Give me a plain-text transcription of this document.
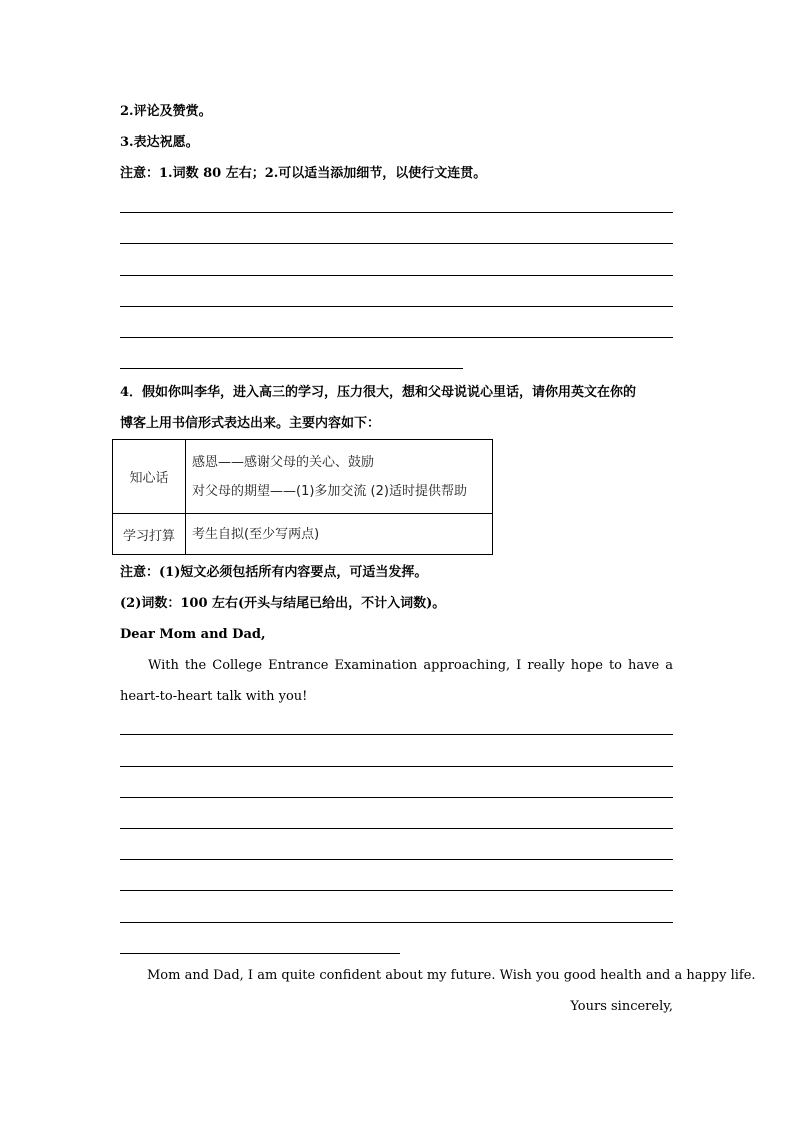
2.评论及赞赏。
3.表达祝愿。
注意：1.词数 80 左右；2.可以适当添加细节，以使行文连贯。
4．假如你叫李华，进入高三的学习，压力很大，想和父母说说心里话，请你用英文在你的
博客上用书信形式表达出来。主要内容如下：
知心话	感恩——感谢父母的关心、鼓励
对父母的期望——(1)多加交流 (2)适时提供帮助

学习打算	考生自拟(至少写两点)
注意：(1)短文必须包括所有内容要点，可适当发挥。
(2)词数：100 左右(开头与结尾已给出，不计入词数)。
Dear Mom and Dad,
With the College Entrance Examination approaching, I really hope to have a heart-to-heart talk with you!
Mom and Dad, I am quite confident about my future. Wish you good health and a happy life.
Yours sincerely,
